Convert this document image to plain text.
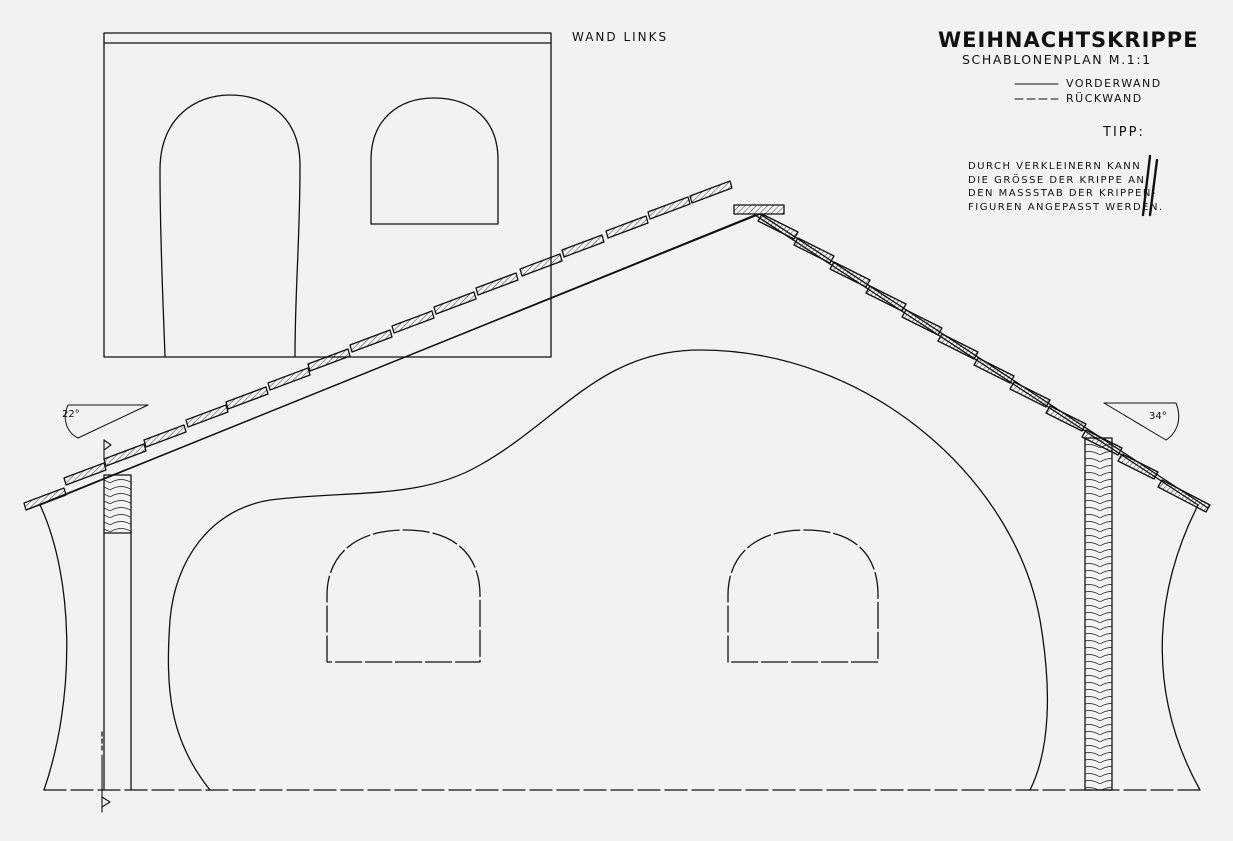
WEIHNACHTSKRIPPE
SCHABLONENPLAN M.1:1
WAND LINKS
VORDERWAND
RÜCKWAND
TIPP:
DURCH VERKLEINERN KANN
DIE GRÖSSE DER KRIPPE AN
DEN MASSSTAB DER KRIPPEN-
FIGUREN ANGEPASST WERDEN.
22°	34°
